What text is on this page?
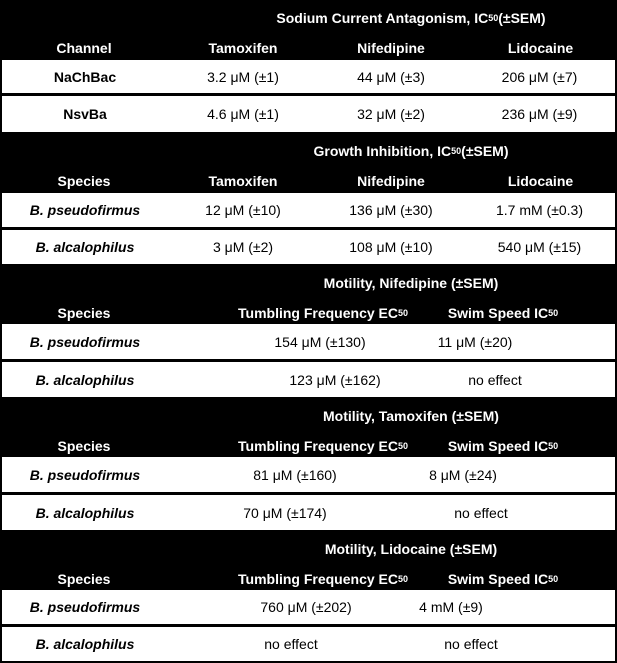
Sodium Current Antagonism, IC 50 (±SEM)
Channel	Tamoxifen	Nifedipine	Lidocaine
NaChBac	3.2 μM (±1)	44 μM (±3)	206 μM (±7)
NsvBa	4.6 μM (±1)	32 μM (±2)	236 μM (±9)
Growth Inhibition, IC 50 (±SEM)
Species	Tamoxifen	Nifedipine	Lidocaine
B. pseudofirmus	12 μM (±10)	136 μM (±30)	1.7 mM (±0.3)
B. alcalophilus	3 μM (±2)	108 μM (±10)	540 μM (±15)
Motility, Nifedipine (±SEM)
Species	Tumbling Frequency EC 50	Swim Speed IC 50
B. pseudofirmus	154 μM (±130)	11 μM (±20)
B. alcalophilus	123 μM (±162)	no effect
Motility, Tamoxifen (±SEM)
Species	Tumbling Frequency EC 50	Swim Speed IC 50
B. pseudofirmus	81 μM (±160)	8 μM (±24)
B. alcalophilus	70 μM (±174)	no effect
Motility, Lidocaine (±SEM)
Species	Tumbling Frequency EC 50	Swim Speed IC 50
B. pseudofirmus	760 μM (±202)	4 mM (±9)
B. alcalophilus	no effect	no effect
